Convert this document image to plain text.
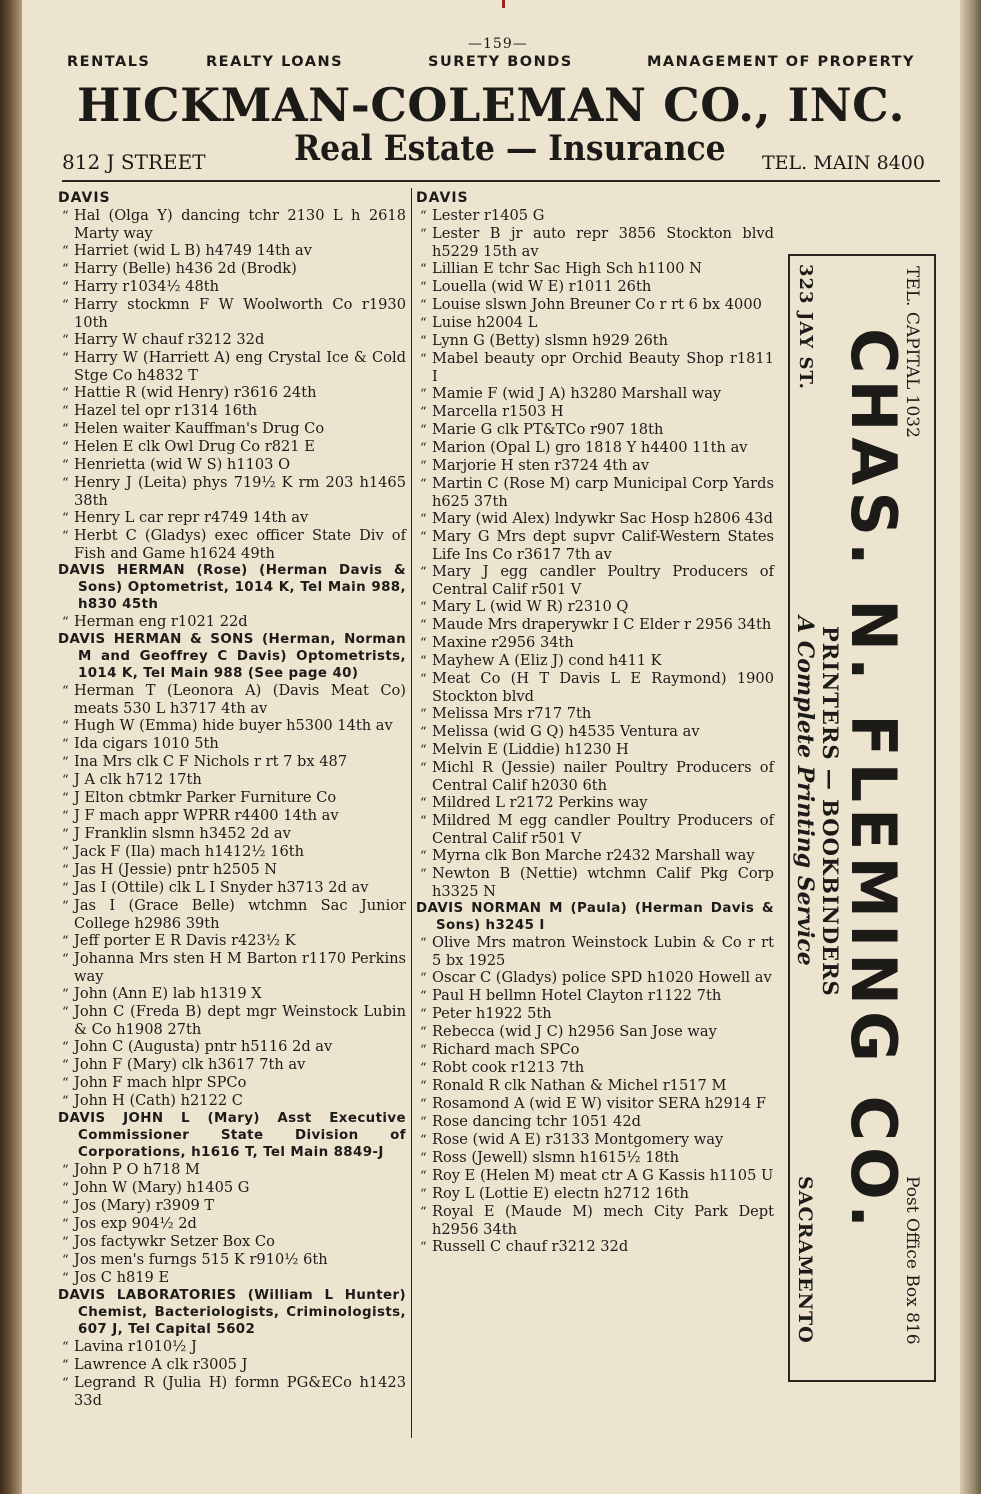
—159—
RENTALS	REALTY LOANS	SURETY BONDS	MANAGEMENT OF PROPERTY
HICKMAN-COLEMAN CO., INC.
812 J STREET	Real Estate — Insurance TEL. MAIN 8400
DAVIS

“ Hal (Olga Y) dancing tchr 2130 L h 2618 Marty way

“ Harriet (wid L B) h4749 14th av

“ Harry (Belle) h436 2d (Brodk)

“ Harry r1034½ 48th

“ Harry stockmn F W Woolworth Co r1930 10th

“ Harry W chauf r3212 32d

“ Harry W (Harriett A) eng Crystal Ice & Cold Stge Co h4832 T

“ Hattie R (wid Henry) r3616 24th

“ Hazel tel opr r1314 16th

“ Helen waiter Kauffman's Drug Co

“ Helen E clk Owl Drug Co r821 E

“ Henrietta (wid W S) h1103 O

“ Henry J (Leita) phys 719½ K rm 203 h1465 38th

“ Henry L car repr r4749 14th av

“ Herbt C (Gladys) exec officer State Div of Fish and Game h1624 49th

DAVIS HERMAN (Rose) (Herman Davis & Sons) Optometrist, 1014 K, Tel Main 988, h830 45th

“ Herman eng r1021 22d

DAVIS HERMAN & SONS (Herman, Norman M and Geoffrey C Davis) Optometrists, 1014 K, Tel Main 988 (See page 40)

“ Herman T (Leonora A) (Davis Meat Co) meats 530 L h3717 4th av

“ Hugh W (Emma) hide buyer h5300 14th av

“ Ida cigars 1010 5th

“ Ina Mrs clk C F Nichols r rt 7 bx 487

“ J A clk h712 17th

“ J Elton cbtmkr Parker Furniture Co

“ J F mach appr WPRR r4400 14th av

“ J Franklin slsmn h3452 2d av

“ Jack F (Ila) mach h1412½ 16th

“ Jas H (Jessie) pntr h2505 N

“ Jas I (Ottile) clk L I Snyder h3713 2d av

“ Jas I (Grace Belle) wtchmn Sac Junior College h2986 39th

“ Jeff porter E R Davis r423½ K

“ Johanna Mrs sten H M Barton r1170 Perkins way

“ John (Ann E) lab h1319 X

“ John C (Freda B) dept mgr Weinstock Lubin & Co h1908 27th

“ John C (Augusta) pntr h5116 2d av

“ John F (Mary) clk h3617 7th av

“ John F mach hlpr SPCo

“ John H (Cath) h2122 C

DAVIS JOHN L (Mary) Asst Executive Commissioner State Division of Corporations, h1616 T, Tel Main 8849-J

“ John P O h718 M

“ John W (Mary) h1405 G

“ Jos (Mary) r3909 T

“ Jos exp 904½ 2d

“ Jos factywkr Setzer Box Co

“ Jos men's furngs 515 K r910½ 6th

“ Jos C h819 E

DAVIS LABORATORIES (William L Hunter) Chemist, Bacteriologists, Criminologists, 607 J, Tel Capital 5602

“ Lavina r1010½ J

“ Lawrence A clk r3005 J

“ Legrand R (Julia H) formn PG&ECo h1423 33d

DAVIS

“ Lester r1405 G

“ Lester B jr auto repr 3856 Stockton blvd h5229 15th av

“ Lillian E tchr Sac High Sch h1100 N

“ Louella (wid W E) r1011 26th

“ Louise slswn John Breuner Co r rt 6 bx 4000

“ Luise h2004 L

“ Lynn G (Betty) slsmn h929 26th

“ Mabel beauty opr Orchid Beauty Shop r1811 I

“ Mamie F (wid J A) h3280 Marshall way

“ Marcella r1503 H

“ Marie G clk PT&TCo r907 18th

“ Marion (Opal L) gro 1818 Y h4400 11th av

“ Marjorie H sten r3724 4th av

“ Martin C (Rose M) carp Municipal Corp Yards h625 37th

“ Mary (wid Alex) lndywkr Sac Hosp h2806 43d

“ Mary G Mrs dept supvr Calif-Western States Life Ins Co r3617 7th av

“ Mary J egg candler Poultry Producers of Central Calif r501 V

“ Mary L (wid W R) r2310 Q

“ Maude Mrs draperywkr I C Elder r 2956 34th

“ Maxine r2956 34th

“ Mayhew A (Eliz J) cond h411 K

“ Meat Co (H T Davis L E Raymond) 1900 Stockton blvd

“ Melissa Mrs r717 7th

“ Melissa (wid G Q) h4535 Ventura av

“ Melvin E (Liddie) h1230 H

“ Michl R (Jessie) nailer Poultry Producers of Central Calif h2030 6th

“ Mildred L r2172 Perkins way

“ Mildred M egg candler Poultry Producers of Central Calif r501 V

“ Myrna clk Bon Marche r2432 Marshall way

“ Newton B (Nettie) wtchmn Calif Pkg Corp h3325 N

DAVIS NORMAN M (Paula) (Herman Davis & Sons) h3245 I

“ Olive Mrs matron Weinstock Lubin & Co r rt 5 bx 1925

“ Oscar C (Gladys) police SPD h1020 Howell av

“ Paul H bellmn Hotel Clayton r1122 7th

“ Peter h1922 5th

“ Rebecca (wid J C) h2956 San Jose way

“ Richard mach SPCo

“ Robt cook r1213 7th

“ Ronald R clk Nathan & Michel r1517 M

“ Rosamond A (wid E W) visitor SERA h2914 F

“ Rose dancing tchr 1051 42d

“ Rose (wid A E) r3133 Montgomery way

“ Ross (Jewell) slsmn h1615½ 18th

“ Roy E (Helen M) meat ctr A G Kassis h1105 U

“ Roy L (Lottie E) electn h2712 16th

“ Royal E (Maude M) mech City Park Dept h2956 34th

“ Russell C chauf r3212 32d

TEL. CAPITAL 1032
323 JAY ST.
CHAS. N. FLEMING CO.
PRINTERS — BOOKBINDERS
A Complete Printing Service
Post Office Box 816
SACRAMENTO
